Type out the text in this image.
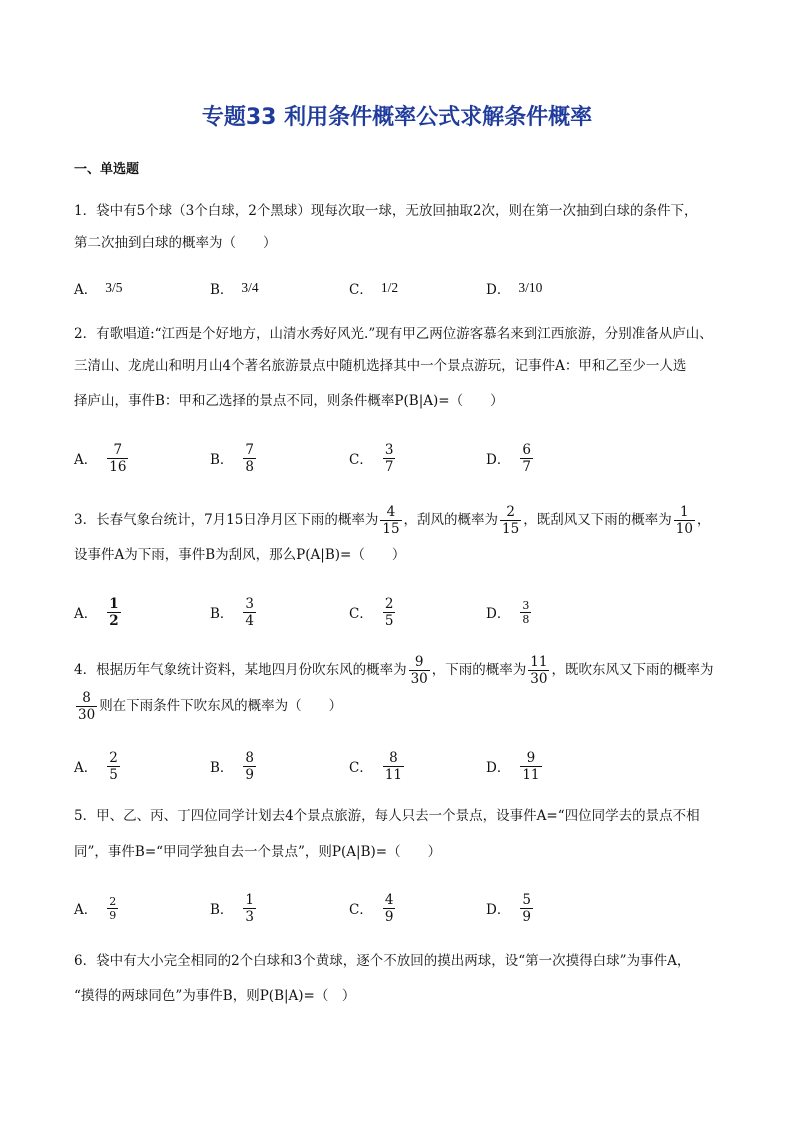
专题33 利用条件概率公式求解条件概率
一、单选题
1．袋中有5个球（3个白球，2个黑球）现每次取一球，无放回抽取2次，则在第一次抽到白球的条件下，
第二次抽到白球的概率为（　　）
A． 3/5	B． 3/4	C． 1/2	D． 3/10
2．有歌唱道:“江西是个好地方，山清水秀好风光.”现有甲乙两位游客慕名来到江西旅游，分别准备从庐山、
三清山、龙虎山和明月山4个著名旅游景点中随机选择其中一个景点游玩，记事件A：甲和乙至少一人选
择庐山，事件B：甲和乙选择的景点不同，则条件概率P(B|A)=（　　）
A． $\frac{7}{16}$	B． $\frac{7}{8}$	C． $\frac{3}{7}$	D． $\frac{6}{7}$
3．长春气象台统计，7月15日净月区下雨的概率为 $\frac{4}{15}$ ，刮风的概率为 $\frac{2}{15}$ ，既刮风又下雨的概率为 $\frac{1}{10}$ ，
设事件A为下雨，事件B为刮风，那么P(A|B)=（　　）
A． $\frac{1}{2}$	B． $\frac{3}{4}$	C． $\frac{2}{5}$	D． $\frac{3}{8}$
4．根据历年气象统计资料，某地四月份吹东风的概率为 $\frac{9}{30}$ ，下雨的概率为 $\frac{11}{30}$ ，既吹东风又下雨的概率为
$\frac{8}{30}$ 则在下雨条件下吹东风的概率为（　　）
A． $\frac{2}{5}$	B． $\frac{8}{9}$	C． $\frac{8}{11}$	D． $\frac{9}{11}$
5．甲、乙、丙、丁四位同学计划去4个景点旅游，每人只去一个景点，设事件A=“四位同学去的景点不相
同”，事件B=“甲同学独自去一个景点”，则P(A|B)=（　　）
A． $\frac{2}{9}$	B． $\frac{1}{3}$	C． $\frac{4}{9}$	D． $\frac{5}{9}$
6．袋中有大小完全相同的2个白球和3个黄球，逐个不放回的摸出两球，设“第一次摸得白球”为事件A，
“摸得的两球同色”为事件B，则P(B|A)=（　）
